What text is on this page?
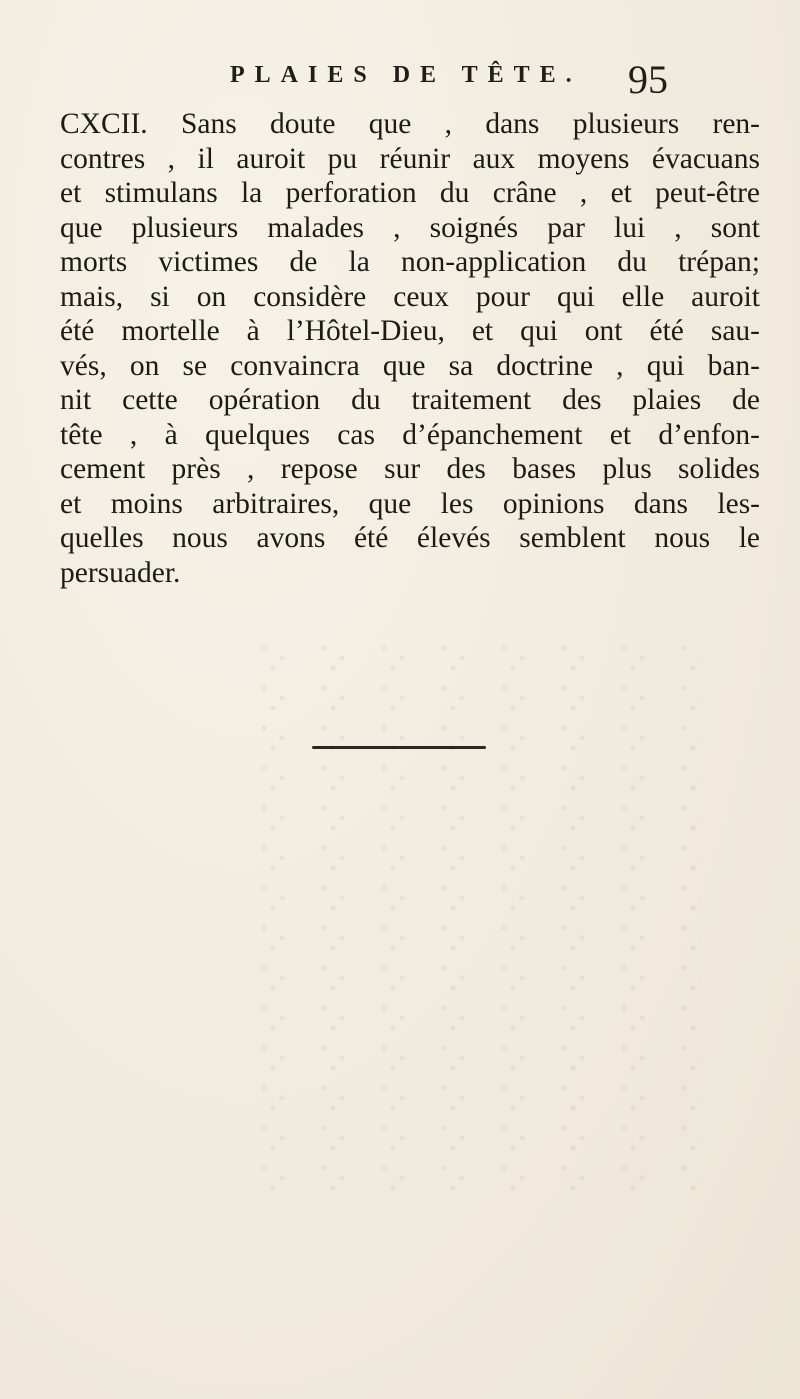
PLAIES DE TÊTE. 95
CXCII. Sans doute que , dans plusieurs ren-
contres , il auroit pu réunir aux moyens évacuans
et stimulans la perforation du crâne , et peut-être
que plusieurs malades , soignés par lui , sont
morts victimes de la non-application du trépan;
mais, si on considère ceux pour qui elle auroit
été mortelle à l’Hôtel-Dieu, et qui ont été sau-
vés, on se convaincra que sa doctrine , qui ban-
nit cette opération du traitement des plaies de
tête , à quelques cas d’épanchement et d’enfon-
cement près , repose sur des bases plus solides
et moins arbitraires, que les opinions dans les-
quelles nous avons été élevés semblent nous le
persuader.
